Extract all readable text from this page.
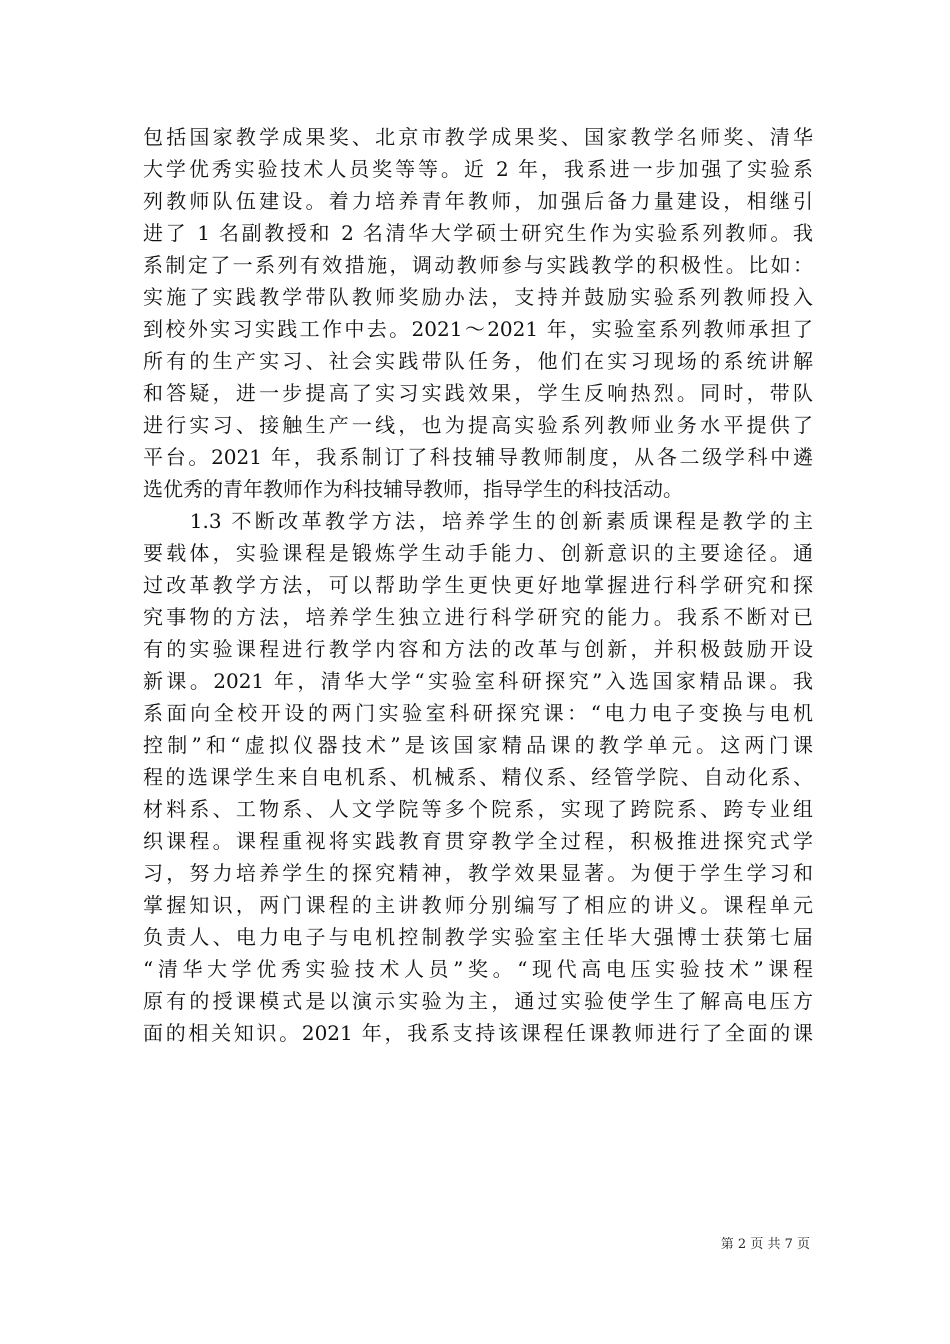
包括国家教学成果奖、北京市教学成果奖、国家教学名师奖、清华
大学优秀实验技术人员奖等等。近 2 年，我系进一步加强了实验系
列教师队伍建设。着力培养青年教师，加强后备力量建设，相继引
进了 1 名副教授和 2 名清华大学硕士研究生作为实验系列教师。我
系制定了一系列有效措施，调动教师参与实践教学的积极性。比如：
实施了实践教学带队教师奖励办法，支持并鼓励实验系列教师投入
到校外实习实践工作中去。2021～2021 年，实验室系列教师承担了
所有的生产实习、社会实践带队任务，他们在实习现场的系统讲解
和答疑，进一步提高了实习实践效果，学生反响热烈。同时，带队
进行实习、接触生产一线，也为提高实验系列教师业务水平提供了
平台。2021 年，我系制订了科技辅导教师制度，从各二级学科中遴
选优秀的青年教师作为科技辅导教师，指导学生的科技活动。
　　1.3 不断改革教学方法，培养学生的创新素质课程是教学的主
要载体，实验课程是锻炼学生动手能力、创新意识的主要途径。通
过改革教学方法，可以帮助学生更快更好地掌握进行科学研究和探
究事物的方法，培养学生独立进行科学研究的能力。我系不断对已
有的实验课程进行教学内容和方法的改革与创新，并积极鼓励开设
新课。2021 年，清华大学“实验室科研探究”入选国家精品课。我
系面向全校开设的两门实验室科研探究课：“电力电子变换与电机
控制”和“虚拟仪器技术”是该国家精品课的教学单元。这两门课
程的选课学生来自电机系、机械系、精仪系、经管学院、自动化系、
材料系、工物系、人文学院等多个院系，实现了跨院系、跨专业组
织课程。课程重视将实践教育贯穿教学全过程，积极推进探究式学
习，努力培养学生的探究精神，教学效果显著。为便于学生学习和
掌握知识，两门课程的主讲教师分别编写了相应的讲义。课程单元
负责人、电力电子与电机控制教学实验室主任毕大强博士获第七届
“清华大学优秀实验技术人员”奖。“现代高电压实验技术”课程
原有的授课模式是以演示实验为主，通过实验使学生了解高电压方
面的相关知识。2021 年，我系支持该课程任课教师进行了全面的课
第 2 页 共 7 页
